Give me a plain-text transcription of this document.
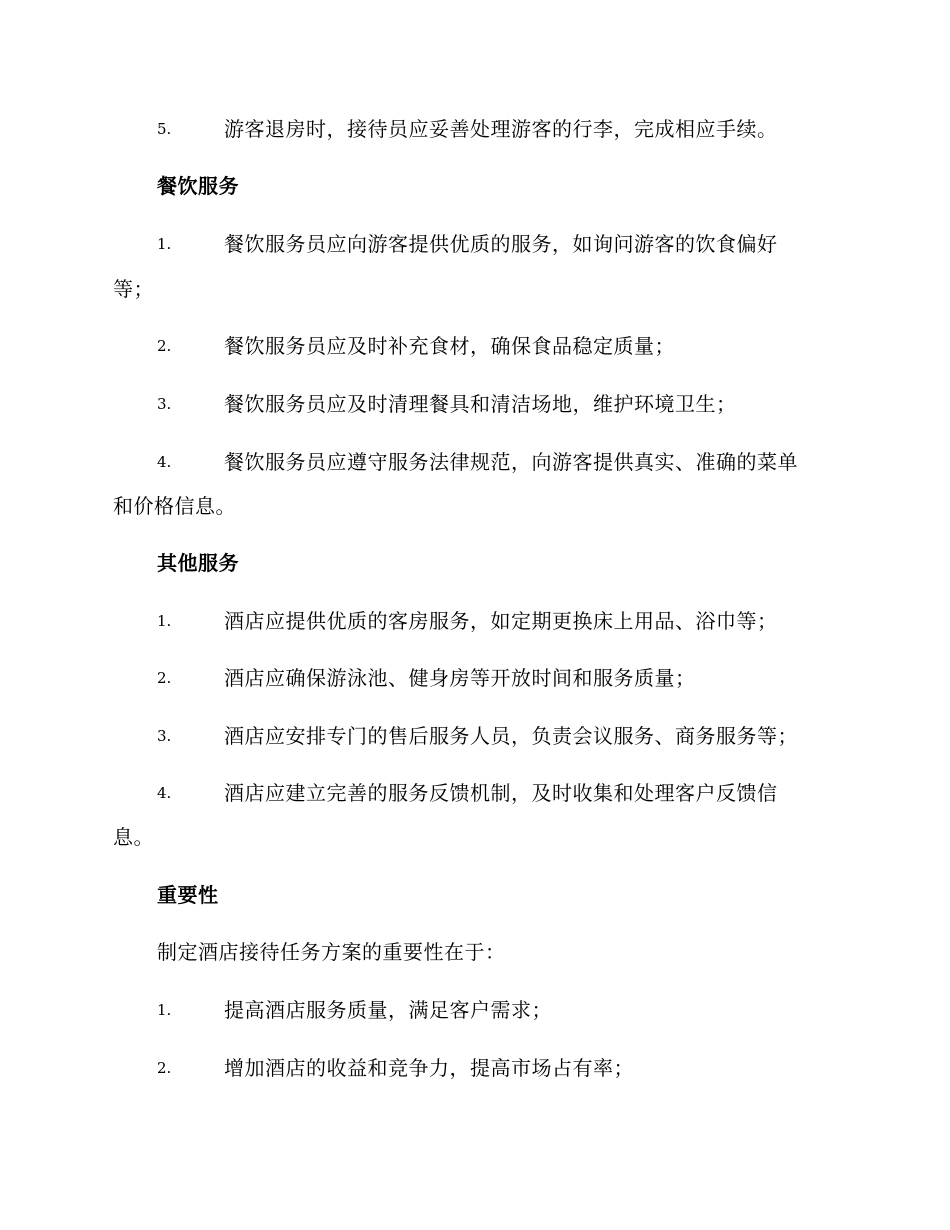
5.	游客退房时，接待员应妥善处理游客的行李，完成相应手续。
餐饮服务
1.	餐饮服务员应向游客提供优质的服务，如询问游客的饮食偏好
等；
2.	餐饮服务员应及时补充食材，确保食品稳定质量；
3.	餐饮服务员应及时清理餐具和清洁场地，维护环境卫生；
4.	餐饮服务员应遵守服务法律规范，向游客提供真实、准确的菜单
和价格信息。
其他服务
1.	酒店应提供优质的客房服务，如定期更换床上用品、浴巾等；
2.	酒店应确保游泳池、健身房等开放时间和服务质量；
3.	酒店应安排专门的售后服务人员，负责会议服务、商务服务等；
4.	酒店应建立完善的服务反馈机制，及时收集和处理客户反馈信
息。
重要性
制定酒店接待任务方案的重要性在于：
1.	提高酒店服务质量，满足客户需求；
2.	增加酒店的收益和竞争力，提高市场占有率；
